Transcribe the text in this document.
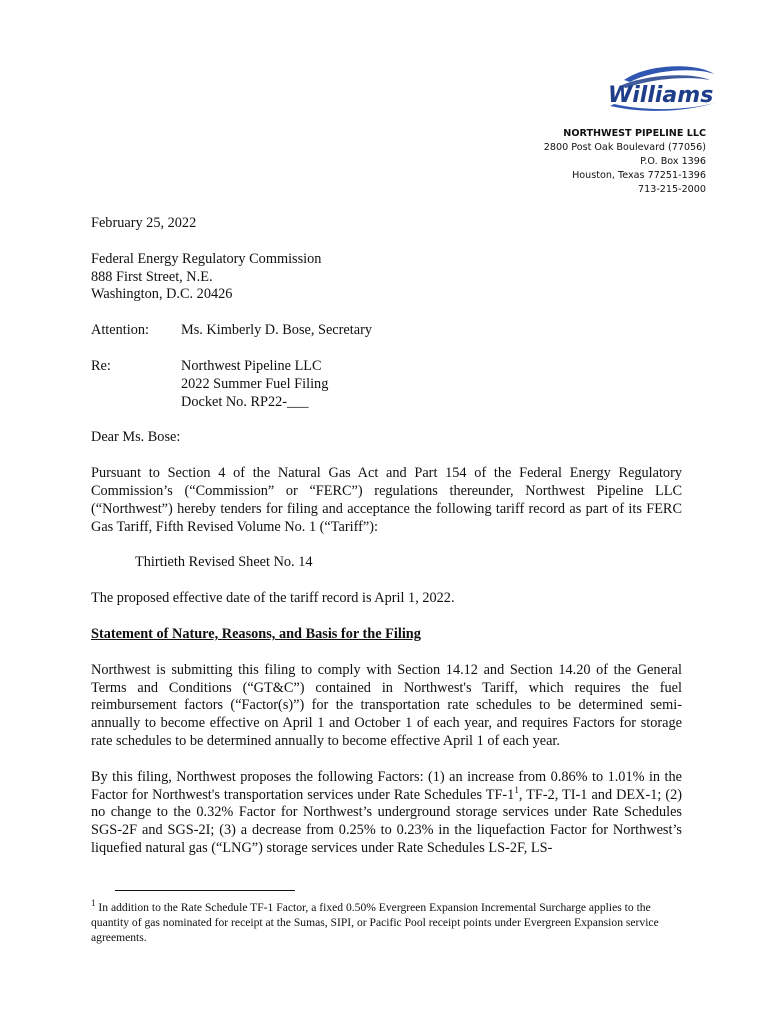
Williams
NORTHWEST PIPELINE LLC
2800 Post Oak Boulevard (77056)
P.O. Box 1396
Houston, Texas 77251-1396
713-215-2000

February 25, 2022

Federal Energy Regulatory Commission
888 First Street, N.E.
Washington, D.C. 20426
Attention:	Ms. Kimberly D. Bose, Secretary
Re:	Northwest Pipeline LLC
2022 Summer Fuel Filing
Docket No. RP22-___

Dear Ms. Bose:

Pursuant to Section 4 of the Natural Gas Act and Part 154 of the Federal Energy Regulatory Commission’s (“Commission” or “FERC”) regulations thereunder, Northwest Pipeline LLC (“Northwest”) hereby tenders for filing and acceptance the following tariff record as part of its FERC Gas Tariff, Fifth Revised Volume No. 1 (“Tariff”):

Thirtieth Revised Sheet No. 14

The proposed effective date of the tariff record is April 1, 2022.

Statement of Nature, Reasons, and Basis for the Filing

Northwest is submitting this filing to comply with Section 14.12 and Section 14.20 of the General Terms and Conditions (“GT&C”) contained in Northwest's Tariff, which requires the fuel reimbursement factors (“Factor(s)”) for the transportation rate schedules to be determined semi-annually to become effective on April 1 and October 1 of each year, and requires Factors for storage rate schedules to be determined annually to become effective April 1 of each year.

By this filing, Northwest proposes the following Factors: (1) an increase from 0.86% to 1.01% in the Factor for Northwest's transportation services under Rate Schedules $TF-1^1$, TF-2, TI-1 and DEX-1; (2) no change to the 0.32% Factor for Northwest’s underground storage services under Rate Schedules SGS-2F and SGS-2I; (3) a decrease from 0.25% to 0.23% in the liquefaction Factor for Northwest’s liquefied natural gas (“LNG”) storage services under Rate Schedules LS-2F, LS-

$^1$ In addition to the Rate Schedule TF-1 Factor, a fixed 0.50% Evergreen Expansion Incremental Surcharge applies to the quantity of gas nominated for receipt at the Sumas, SIPI, or Pacific Pool receipt points under Evergreen Expansion service agreements.
